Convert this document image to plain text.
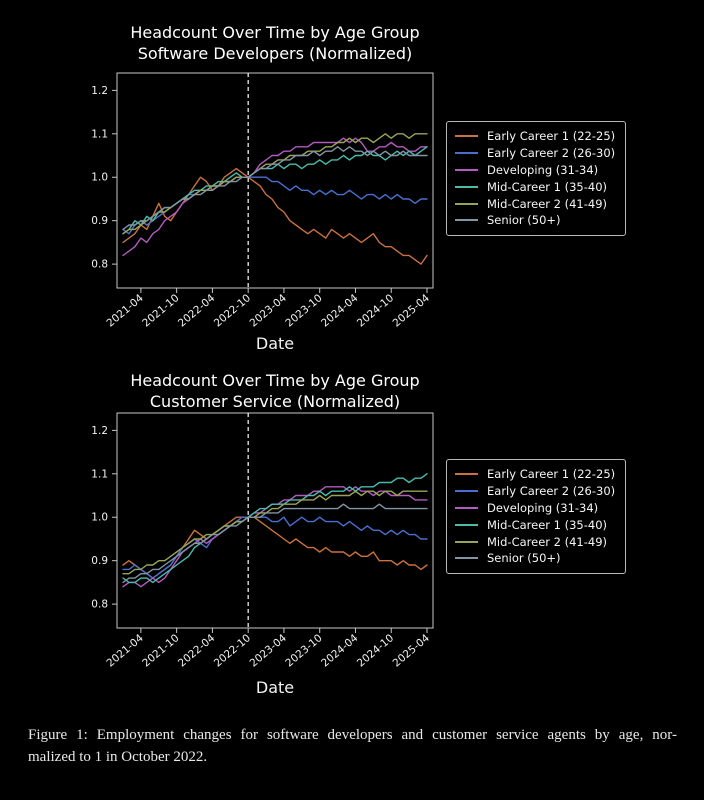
Headcount Over Time by Age Group
Software Developers (Normalized)
0.8
0.9
1.0
1.1
1.2
2021-04
2021-10
2022-04
2022-10
2023-04
2023-10
2024-04
2024-10
2025-04
Early Career 1 (22-25)
Early Career 2 (26-30)
Developing (31-34)
Mid-Career 1 (35-40)
Mid-Career 2 (41-49)
Senior (50+)
Date
Headcount Over Time by Age Group
Customer Service (Normalized)
0.8
0.9
1.0
1.1
1.2
2021-04
2021-10
2022-04
2022-10
2023-04
2023-10
2024-04
2024-10
2025-04
Early Career 1 (22-25)
Early Career 2 (26-30)
Developing (31-34)
Mid-Career 1 (35-40)
Mid-Career 2 (41-49)
Senior (50+)
Date
Figure 1: Employment changes for software developers and customer service agents by age, nor-
malized to 1 in October 2022.
